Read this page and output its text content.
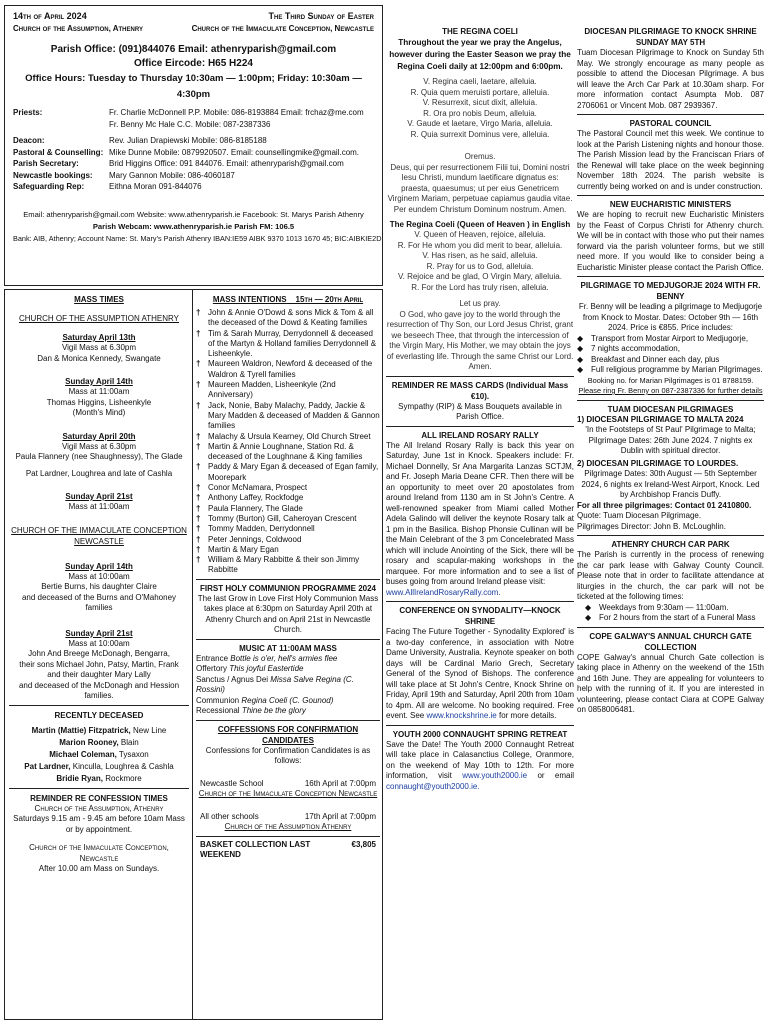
14th of April 2024	The Third Sunday of Easter
Church of the Assumption, Athenry	Church of the Immaculate Conception, Newcastle
Parish Office: (091)844076 Email: athenryparish@gmail.com
Office Eircode: H65 H224
Office Hours: Tuesday to Thursday 10:30am — 1:00pm; Friday: 10:30am — 4:30pm
Priests:	Fr. Charlie McDonnell P.P. Mobile: 086-8193884 Email: frchaz@me.com
Fr. Benny Mc Hale C.C. Mobile: 087-2387336
Deacon:	Rev. Julian Drapiewski Mobile: 086-8185188
Pastoral & Counselling: Mike Dunne Mobile: 0879920507. Email: counsellingmike@gmail.com.
Parish Secretary:	Brid Higgins Office: 091 844076. Email: athenryparish@gmail.com
Newcastle bookings:	Mary Gannon Mobile: 086-4060187
Safeguarding Rep:	Eithna Moran 091-844076
Email: athenryparish@gmail.com Website: www.athenryparish.ie Facebook: St. Marys Parish Athenry
Parish Webcam: www.athenryparish.ie Parish FM: 106.5
Bank: AIB, Athenry; Account Name: St. Mary's Parish Athenry IBAN:IE59 AIBK 9370 1013 1670 45; BIC:AIBKIE2D
MASS TIMES
CHURCH OF THE ASSUMPTION ATHENRY
Saturday April 13th
Vigil Mass at 6.30pm
Dan & Monica Kennedy, Swangate
Sunday April 14th
Mass at 11:00am
Thomas Higgins, Lisheenkyle
(Month's Mind)
Saturday April 20th
Vigil Mass at 6.30pm
Paula Flannery (nee Shaughnessy), The Glade
Pat Lardner, Loughrea and late of Cashla
Sunday April 21st
Mass at 11:00am
CHURCH OF THE IMMACULATE CONCEPTION NEWCASTLE
Sunday April 14th
Mass at 10:00am
Bertie Burns, his daughter Claire
and deceased of the Burns and O'Mahoney families
Sunday April 21st
Mass at 10:00am
John And Breege McDonagh, Bengarra,
their sons Michael John, Patsy, Martin, Frank
and their daughter Mary Lally
and deceased of the McDonagh and Hession families.
RECENTLY DECEASED
Martin (Mattie) Fitzpatrick, New Line
Marion Rooney, Blain
Michael Coleman, Tysaxon
Pat Lardner, Kinculla, Loughrea & Cashla
Bridie Ryan, Rockmore
REMINDER RE CONFESSION TIMES
Church of the Assumption, Athenry
Saturdays 9.15 am - 9.45 am before 10am Mass
or by appointment.
Church of the Immaculate Conception, Newcastle
After 10.00 am Mass on Sundays.
MASS INTENTIONS 15th — 20th April
† John & Annie O'Dowd & sons Mick & Tom & all the deceased of the Dowd & Keating families
† Tim & Sarah Murray, Derrydonnell & deceased of the Martyn & Holland families Derrydonnell & Lisheenkyle.
† Maureen Waldron, Newford & deceased of the Waldron & Tyrell families
† Maureen Madden, Lisheenkyle (2nd Anniversary)
† Jack, Nonie, Baby Malachy, Paddy, Jackie & Mary Madden & deceased of Madden & Gannon families
† Malachy & Ursula Kearney, Old Church Street
† Martin & Annie Loughnane, Station Rd. & deceased of the Loughnane & King families
† Paddy & Mary Egan & deceased of Egan family, Moorepark
† Conor McNamara, Prospect
† Anthony Laffey, Rockfodge
† Paula Flannery, The Glade
† Tommy (Burton) Gill, Caheroyan Crescent
† Tommy Madden, Derrydonnell
† Peter Jennings, Coldwood
† Martin & Mary Egan
† William & Mary Rabbitte & their son Jimmy Rabbitte
FIRST HOLY COMMUNION PROGRAMME 2024
The last Grow in Love First Holy Communion Mass takes place at 6:30pm on Saturday April 20th at Athenry Church and on April 21st in Newcastle Church.
MUSIC AT 11:00AM MASS
Entrance Bottle is o'er, hell's armies flee
Offertory This joyful Eastertide
Sanctus / Agnus Dei Missa Salve Regina (C. Rossini)
Communion Regina Coeli (C. Gounod)
Recessional Thine be the glory
COFFESSIONS FOR CONFIRMATION CANDIDATES
Confessions for Confirmation Candidates is as follows:
Newcastle School	16th April at 7:00pm
Church of the Immaculate Conception Newcastle
All other schools	17th April at 7:00pm
Church of the Assumption Athenry
BASKET COLLECTION LAST WEEKEND
€3,805
THE REGINA COELI
Throughout the year we pray the Angelus, however during the Easter Season we pray the Regina Coeli daily at 12:00pm and 6:00pm.
V. Regina caeli, laetare, alleluia.
R. Quia quem meruisti portare, alleluia.
V. Resurrexit, sicut dixit, alleluia.
R. Ora pro nobis Deum, alleluia.
V. Gaude et laetare, Virgo Maria, alleluia.
R. Quia surrexit Dominus vere, alleluia.
Oremus.
Deus, qui per resurrectionem Filii tui, Domini nostri Iesu Christi, mundum laetificare dignatus es: praesta, quaesumus; ut per eius Genetricem Virginem Mariam, perpetuae capiamus gaudia vitae. Per eundem Christum Dominum nostrum. Amen.
The Regina Coeli (Queen of Heaven ) in English
V. Queen of Heaven, rejoice, alleluia.
R. For He whom you did merit to bear, alleluia.
V. Has risen, as he said, alleluia.
R. Pray for us to God, alleluia.
V. Rejoice and be glad, O Virgin Mary, alleluia.
R. For the Lord has truly risen, alleluia.
Let us pray.
O God, who gave joy to the world through the resurrection of Thy Son, our Lord Jesus Christ, grant we beseech Thee, that through the intercession of the Virgin Mary, His Mother, we may obtain the joys of everlasting life. Through the same Christ our Lord. Amen.
REMINDER RE MASS CARDS (Individual Mass €10).
Sympathy (RIP) & Mass Bouquets available in Parish Office.
ALL IRELAND ROSARY RALLY
The All Ireland Rosary Rally is back this year on Saturday, June 1st in Knock. Speakers include: Fr. Michael Donnelly, Sr Ana Margarita Lanzas SCTJM, and Fr. Joseph Maria Deane CFR. Then there will be an opportunity to meet over 20 apostolates from around Ireland from 1130 am in St John's Centre. A well-renowned speaker from Miami called Mother Adela Galindo will deliver the keynote Rosary talk at 1 pm in the Basilica. Bishop Phonsie Cullinan will be the Main Celebrant of the 3 pm Concelebrated Mass which will include Anointing of the Sick, there will be rosary and scapular-making workshops in the marquee. For more information and to see a list of buses going from around Ireland please visit:
www.AllIrelandRosaryRally.com.
CONFERENCE ON SYNODALITY—KNOCK SHRINE
Facing The Future Together - Synodality Explored' is a two-day conference, in association with Notre Dame University, Australia. Keynote speaker on both days will be Cardinal Mario Grech, Secretary General of the Synod of Bishops. The conference will take place at St John's Centre, Knock Shrine on Friday, April 19th and Saturday, April 20th from 10am to 4pm. All are welcome. No booking required. Free event. See www.knockshrine.ie for more details.
YOUTH 2000 CONNAUGHT SPRING RETREAT
Save the Date! The Youth 2000 Connaught Retreat will take place in Calasanctius College, Oranmore, on the weekend of May 10th to 12th. For more information, visit www.youth2000.ie or email connaught@youth2000.ie.
DIOCESAN PILGRIMAGE TO KNOCK SHRINE
SUNDAY MAY 5TH
Tuam Diocesan Pilgrimage to Knock on Sunday 5th May. We strongly encourage as many people as possible to attend the Diocesan Pilgrimage. A bus will leave the Arch Car Park at 10.30am sharp. For more information contact Asumpta Mob. 087 2706061 or Vincent Mob. 087 2939367.
PASTORAL COUNCIL
The Pastoral Council met this week. We continue to look at the Parish Listening nights and honour those. The Parish Mission lead by the Franciscan Friars of the Renewal will take place on the week beginning November 18th 2024. The parish website is currently being worked on and is under construction.
NEW EUCHARISTIC MINISTERS
We are hoping to recruit new Eucharistic Ministers by the Feast of Corpus Christi for Athenry church. We will be in contact with those who put their names forward via the parish volunteer forms, but we still need more. If you would like to consider being a Eucharistic Minister please contact the Parish Office.
PILGRIMAGE TO MEDJUGORJE 2024 WITH FR. BENNY
Fr. Benny will be leading a pilgrimage to Medjugorje from Knock to Mostar. Dates: October 9th — 16th 2024. Price is €855. Price includes:
◆ Transport from Mostar Airport to Medjugorje,
◆ 7 nights accommodation,
◆ Breakfast and Dinner each day, plus
◆ Full religious programme by Marian Pilgrimages.
Booking no. for Marian Pilgrimages is 01 8788159.
Please ring Fr. Benny on 087-2387336 for further details
TUAM DIOCESAN PILGRIMAGES
1) DIOCESAN PILGRIMAGE TO MALTA 2024
'In the Footsteps of St Paul' Pilgrimage to Malta; Pilgrimage Dates: 26th June 2024. 7 nights ex Dublin with spiritual director.
2) DIOCESAN PILGRIMAGE TO LOURDES.
Pilgrimage Dates: 30th August — 5th September 2024, 6 nights ex Ireland-West Airport, Knock. Led by Archbishop Francis Duffy.
For all three pilgrimages: Contact 01 2410800.
Quote: Tuam Diocesan Pilgrimage.
Pilgrimages Director: John B. McLoughlin.
ATHENRY CHURCH CAR PARK
The Parish is currently in the process of renewing the car park lease with Galway County Council. Please note that in order to facilitate attendance at liturgies in the church, the car park will not be ticketed at the following times:
◆ Weekdays from 9:30am — 11:00am.
◆ For 2 hours from the start of a Funeral Mass
COPE GALWAY'S ANNUAL CHURCH GATE COLLECTION
COPE Galway's annual Church Gate collection is taking place in Athenry on the weekend of the 15th and 16th June. They are appealing for volunteers to help with the running of it. If you are interested in volunteering, please contact Ciara at COPE Galway on 0858006481.
